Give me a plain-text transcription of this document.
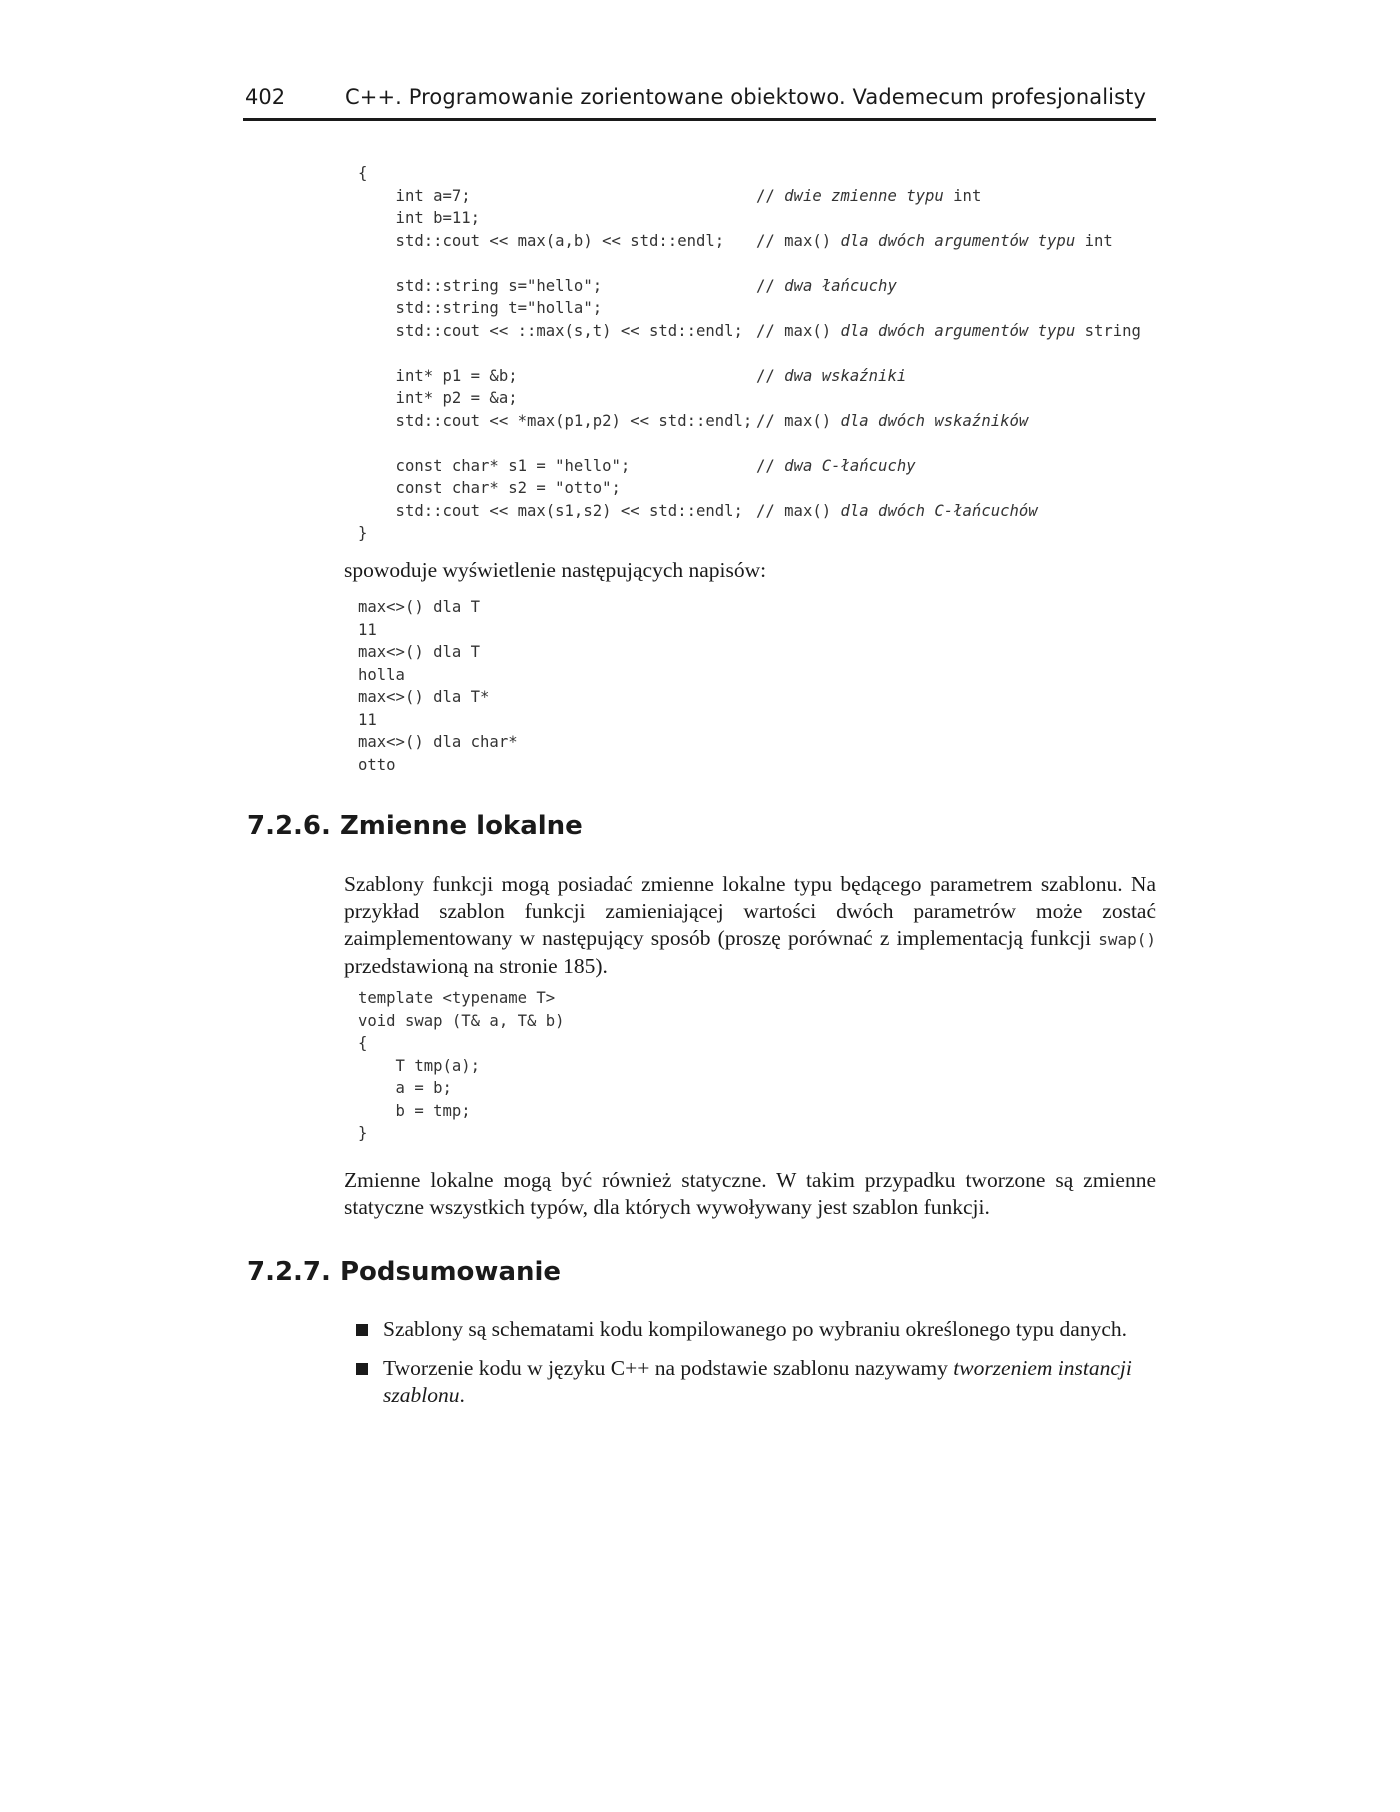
402	C++. Programowanie zorientowane obiektowo. Vademecum profesjonalisty
{
int a=7;	// dwie zmienne typu int
int b=11;
std::cout << max(a,b) << std::endl; // max() dla dwóch argumentów typu int
std::string s="hello";	// dwa łańcuchy
std::string t="holla";
std::cout << ::max(s,t) << std::endl; // max() dla dwóch argumentów typu string
int* p1 = &b;	// dwa wskaźniki
int* p2 = &a;
std::cout << *max(p1,p2) << std::endl; // max() dla dwóch wskaźników
const char* s1 = "hello";	// dwa C-łańcuchy
const char* s2 = "otto";
std::cout << max(s1,s2) << std::endl; // max() dla dwóch C-łańcuchów
}
spowoduje wyświetlenie następujących napisów:
max<>() dla T
11
max<>() dla T
holla
max<>() dla T*
11
max<>() dla char*
otto
7.2.6. Zmienne lokalne
Szablony funkcji mogą posiadać zmienne lokalne typu będącego parametrem szablonu. Na przykład szablon funkcji zamieniającej wartości dwóch parametrów może zostać zaimplementowany w następujący sposób (proszę porównać z implementacją funkcji swap() przedstawioną na stronie 185).
template <typename T>
void swap (T& a, T& b)
{
T tmp(a);
a = b;
b = tmp;
}
Zmienne lokalne mogą być również statyczne. W takim przypadku tworzone są zmienne statyczne wszystkich typów, dla których wywoływany jest szablon funkcji.
7.2.7. Podsumowanie
Szablony są schematami kodu kompilowanego po wybraniu określonego typu danych.
Tworzenie kodu w języku C++ na podstawie szablonu nazywamy tworzeniem instancji szablonu.
